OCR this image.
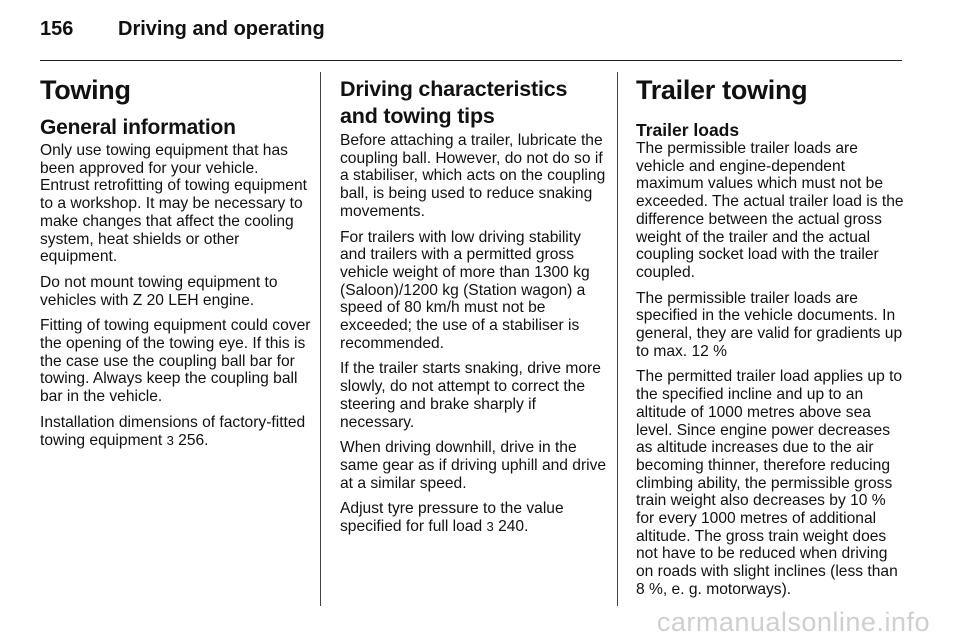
156	Driving and operating
Towing
General information

Only use towing equipment that has been approved for your vehicle. Entrust retrofitting of towing equipment to a workshop. It may be necessary to make changes that affect the cooling system, heat shields or other equipment.

Do not mount towing equipment to vehicles with Z 20 LEH engine.

Fitting of towing equipment could cover the opening of the towing eye. If this is the case use the coupling ball bar for towing. Always keep the coupling ball bar in the vehicle.

Installation dimensions of factory-fitted towing equipment 3 256.

Driving characteristics and towing tips

Before attaching a trailer, lubricate the coupling ball. However, do not do so if a stabiliser, which acts on the coupling ball, is being used to reduce snaking movements.

For trailers with low driving stability and trailers with a permitted gross vehicle weight of more than 1300 kg (Saloon)/1200 kg (Station wagon) a speed of 80 km/h must not be exceeded; the use of a stabiliser is recommended.

If the trailer starts snaking, drive more slowly, do not attempt to correct the steering and brake sharply if necessary.

When driving downhill, drive in the same gear as if driving uphill and drive at a similar speed.

Adjust tyre pressure to the value specified for full load 3 240.

Trailer towing
Trailer loads

The permissible trailer loads are vehicle and engine-dependent maximum values which must not be exceeded. The actual trailer load is the difference between the actual gross weight of the trailer and the actual coupling socket load with the trailer coupled.

The permissible trailer loads are specified in the vehicle documents. In general, they are valid for gradients up to max. 12 %

The permitted trailer load applies up to the specified incline and up to an altitude of 1000 metres above sea level. Since engine power decreases as altitude increases due to the air becoming thinner, therefore reducing climbing ability, the permissible gross train weight also decreases by 10 % for every 1000 metres of additional altitude. The gross train weight does not have to be reduced when driving on roads with slight inclines (less than 8 %, e. g. motorways).

carmanualsonline.info
